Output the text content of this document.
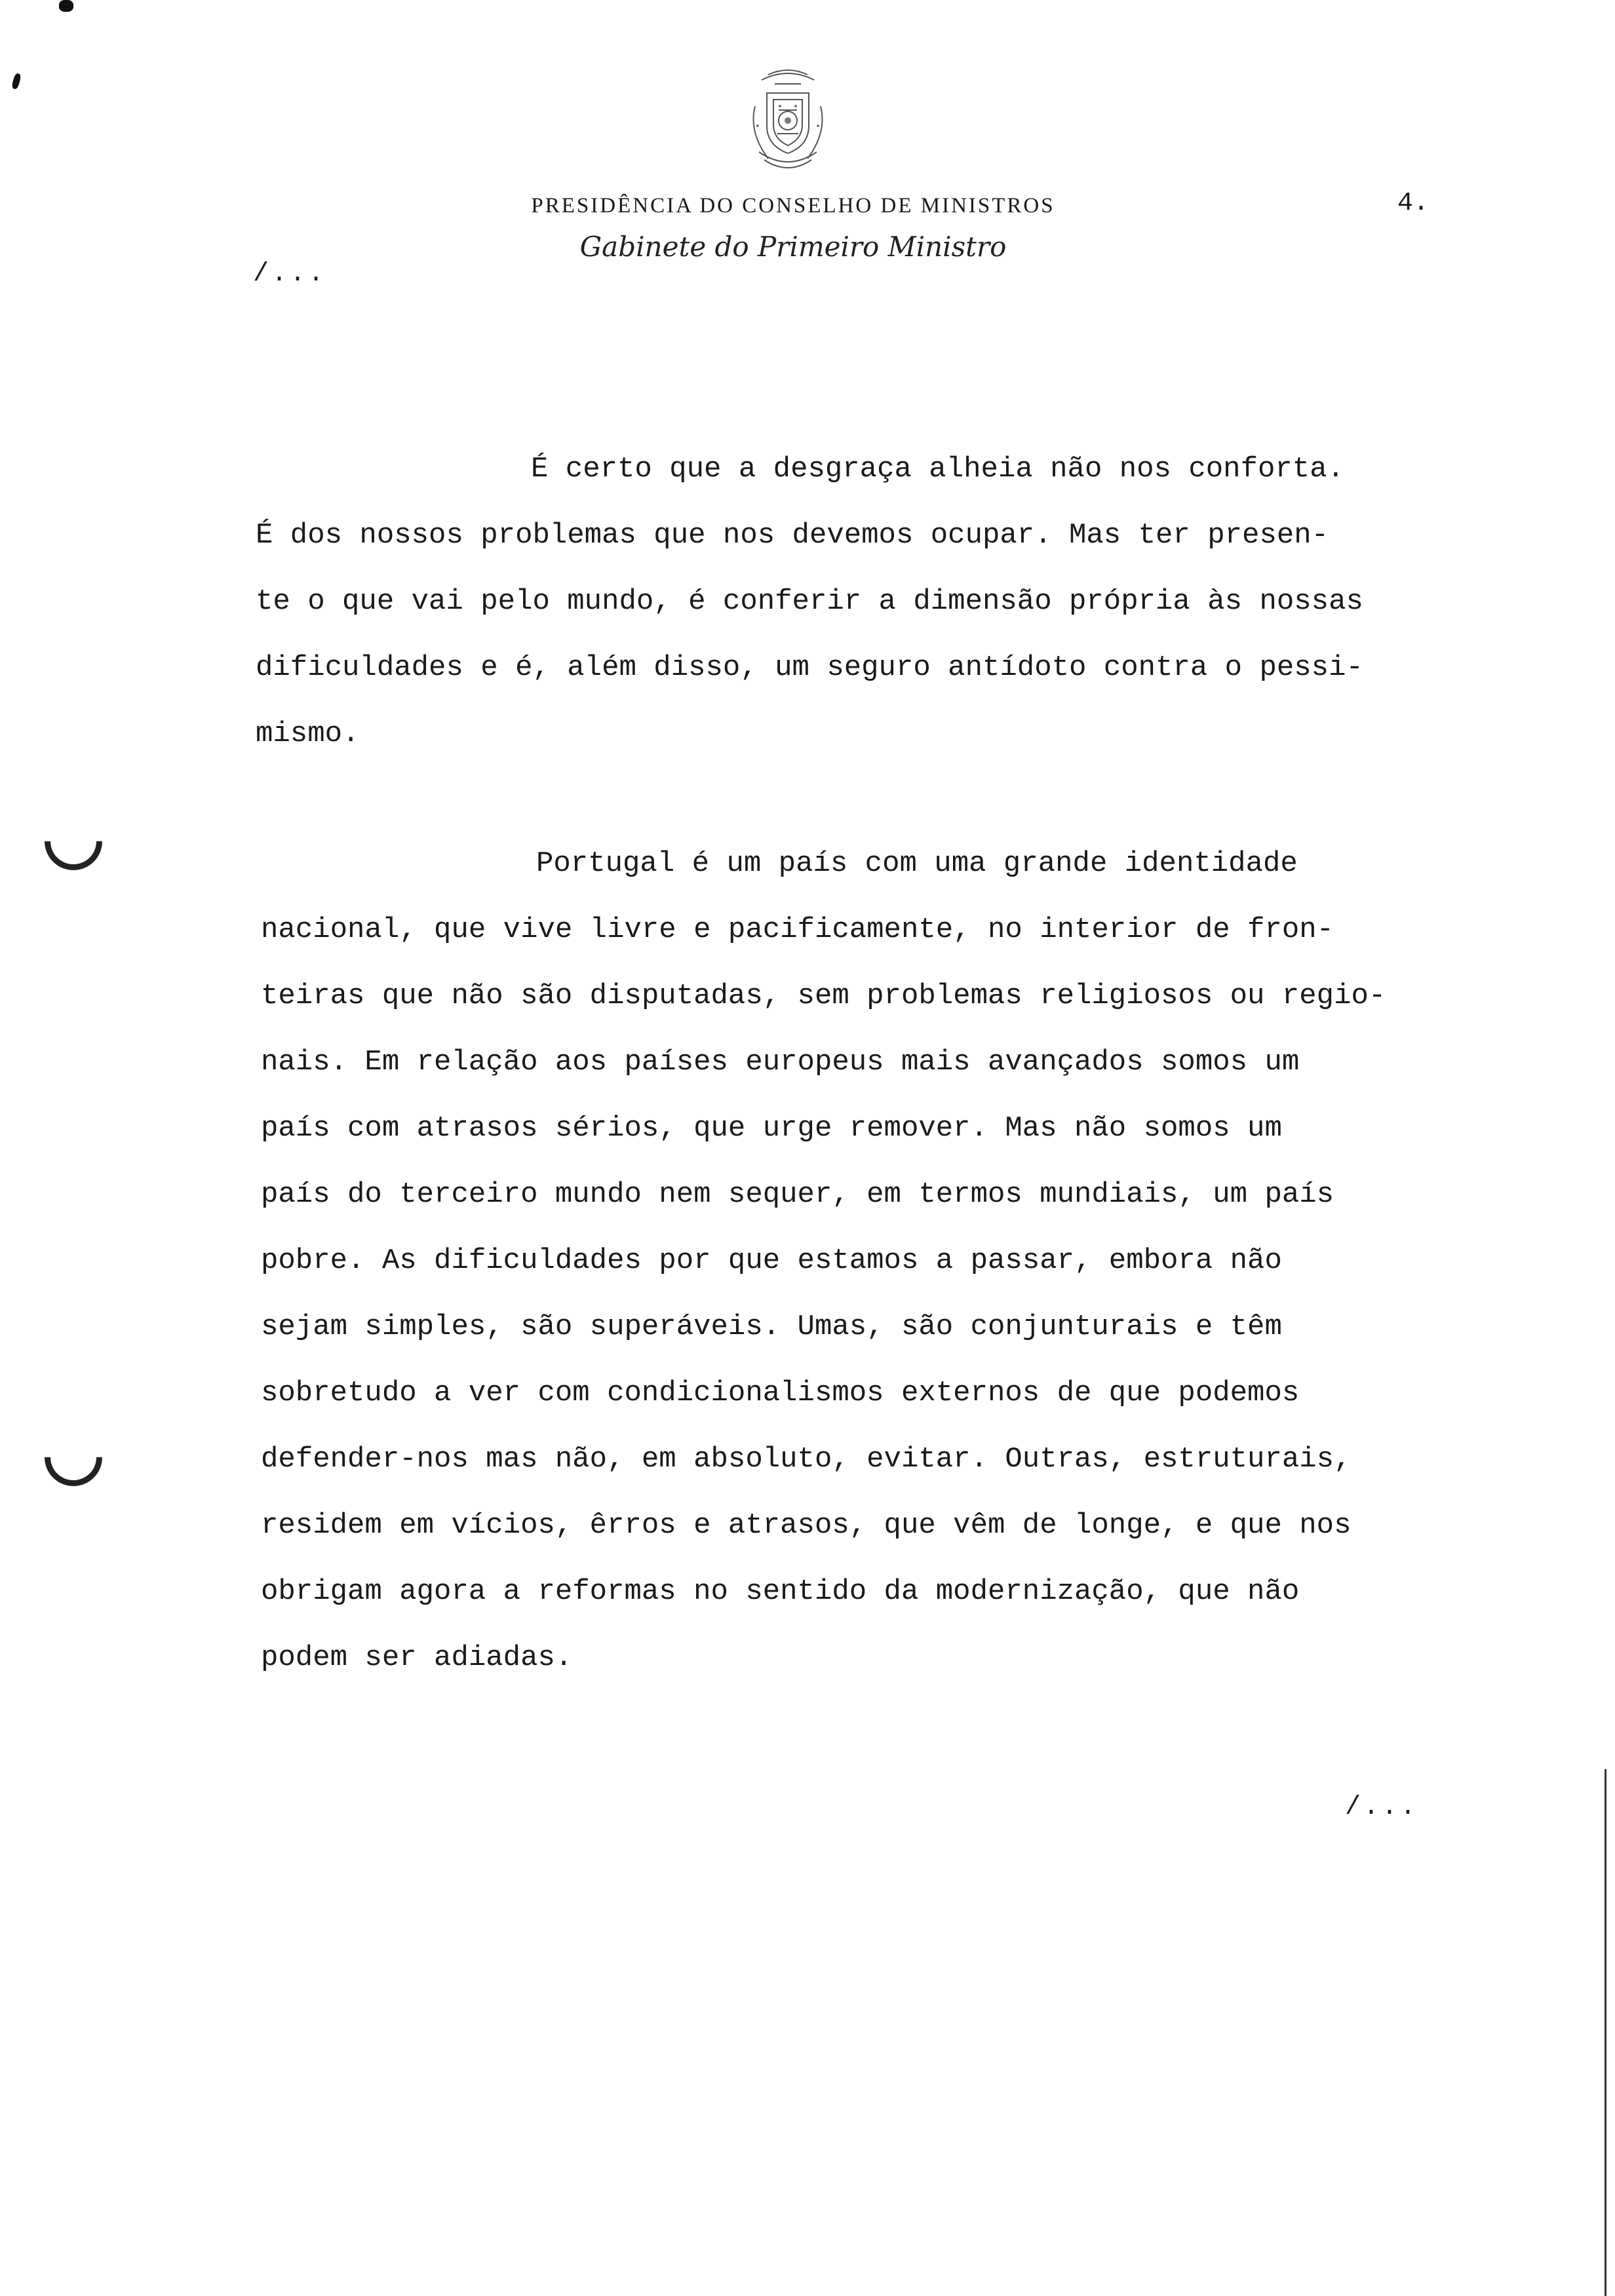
PRESIDÊNCIA DO CONSELHO DE MINISTROS

Gabinete do Primeiro Ministro

4.

/...

É certo que a desgraça alheia não nos conforta.
É dos nossos problemas que nos devemos ocupar. Mas ter presen-
te o que vai pelo mundo, é conferir a dimensão própria às nossas
dificuldades e é, além disso, um seguro antídoto contra o pessi-
mismo.
Portugal é um país com uma grande identidade
nacional, que vive livre e pacificamente, no interior de fron-
teiras que não são disputadas, sem problemas religiosos ou regio-
nais. Em relação aos países europeus mais avançados somos um
país com atrasos sérios, que urge remover. Mas não somos um
país do terceiro mundo nem sequer, em termos mundiais, um país
pobre. As dificuldades por que estamos a passar, embora não
sejam simples, são superáveis. Umas, são conjunturais e têm
sobretudo a ver com condicionalismos externos de que podemos
defender-nos mas não, em absoluto, evitar. Outras, estruturais,
residem em vícios, êrros e atrasos, que vêm de longe, e que nos
obrigam agora a reformas no sentido da modernização, que não
podem ser adiadas.

/...
